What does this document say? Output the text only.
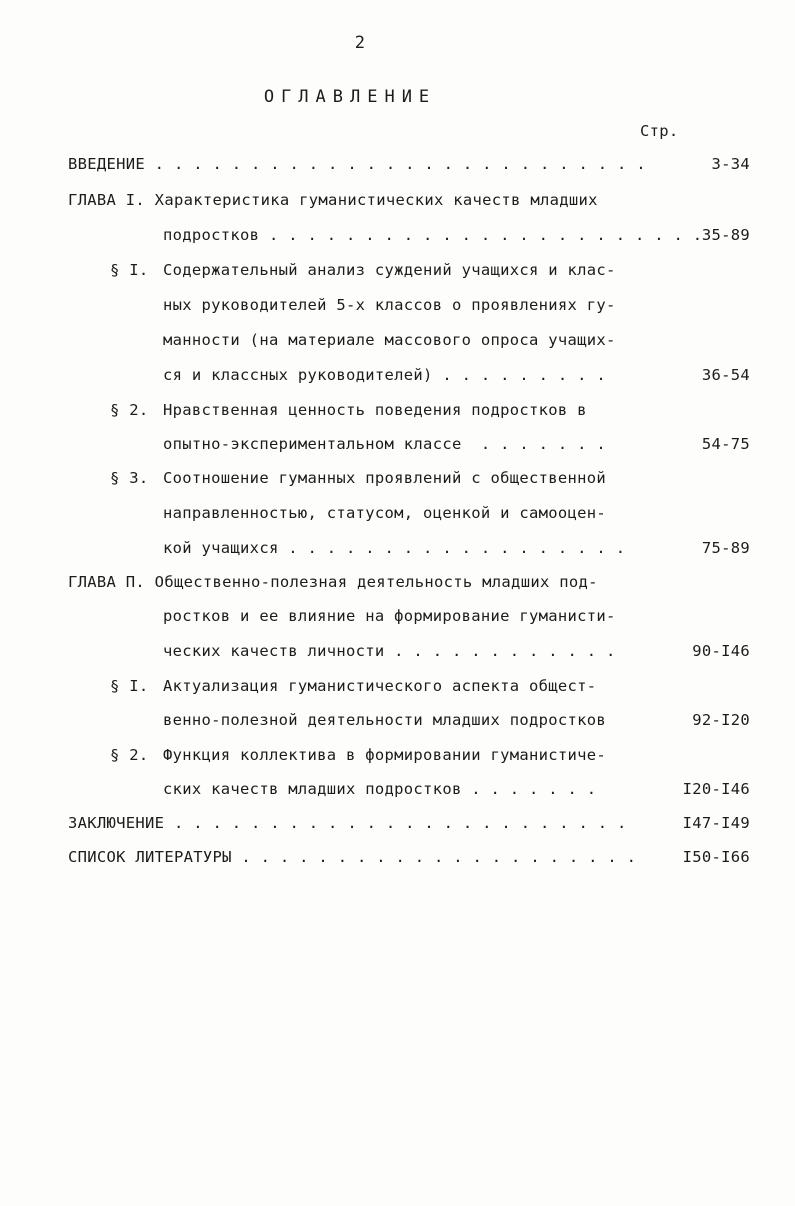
2
ОГЛАВЛЕНИЕ
Стр.
ВВЕДЕНИЕ . . . . . . . . . . . . . . . . . . . . . . . . . .	3-34
ГЛАВА I. Характеристика гуманистических качеств младших
подростков . . . . . . . . . . . . . . . . . . . . . . . 35-89
§ I. Содержательный анализ суждений учащихся и клас-
ных руководителей 5-х классов о проявлениях гу-
манности (на материале массового опроса учащих-
ся и классных руководителей) . . . . . . . . .	36-54
§ 2. Нравственная ценность поведения подростков в
опытно-экспериментальном классе  . . . . . . .	54-75
§ 3. Соотношение гуманных проявлений с общественной
направленностью, статусом, оценкой и самооцен-
кой учащихся . . . . . . . . . . . . . . . . . .	75-89
ГЛАВА П. Общественно-полезная деятельность младших под-
ростков и ее влияние на формирование гуманисти-
ческих качеств личности . . . . . . . . . . . .	90-I46
§ I. Актуализация гуманистического аспекта общест-
венно-полезной деятельности младших подростков	92-I20
§ 2. Функция коллектива в формировании гуманистиче-
ских качеств младших подростков . . . . . . .	I20-I46
ЗАКЛЮЧЕНИЕ . . . . . . . . . . . . . . . . . . . . . . . .	I47-I49
СПИСОК ЛИТЕРАТУРЫ . . . . . . . . . . . . . . . . . . . . .	I50-I66
